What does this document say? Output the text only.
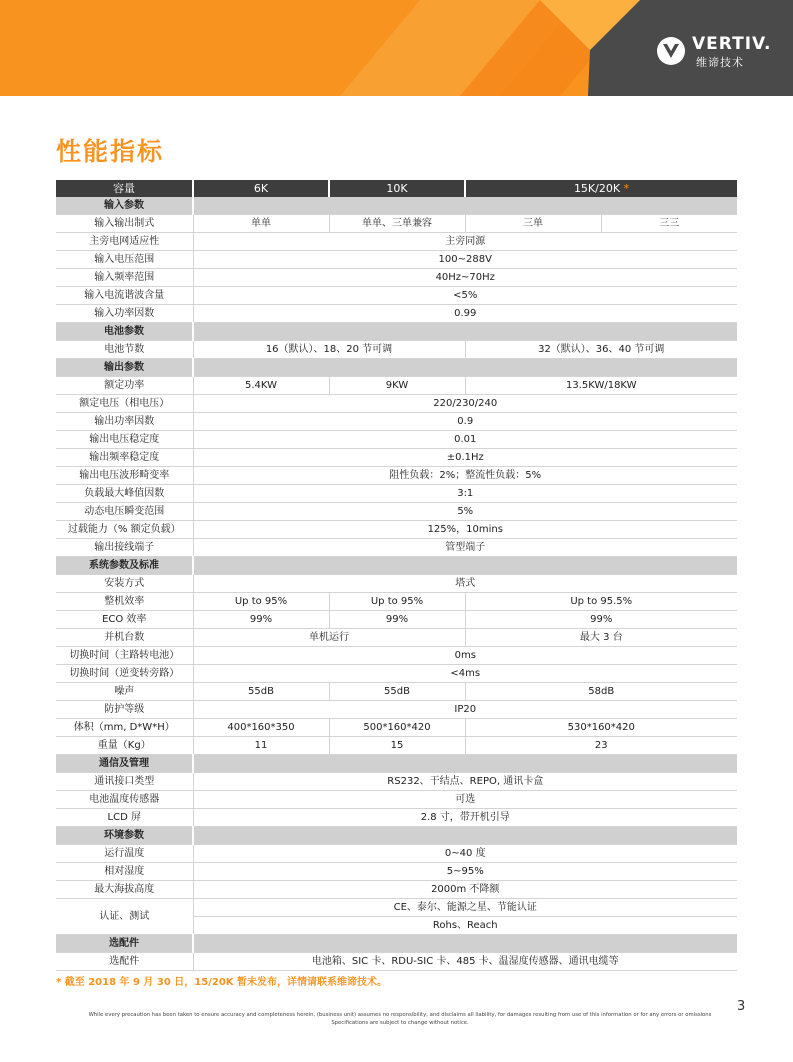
VERTIV.
维谛技术
性能指标
容量	6K	10K	15K/20K *	
输入参数				
输入输出制式	单单	单单、三单兼容	三单	三三
主旁电网适应性	主旁同源			
输入电压范围	100~288V			
输入频率范围	40Hz~70Hz			
输入电流谐波含量	<5%			
输入功率因数	0.99			
电池参数				
电池节数	16（默认）、18、20 节可调		32（默认）、36、40 节可调	
输出参数				
额定功率	5.4KW	9KW	13.5KW/18KW	
额定电压（相电压）	220/230/240			
输出功率因数	0.9			
输出电压稳定度	0.01			
输出频率稳定度	±0.1Hz			
输出电压波形畸变率	阻性负载：2%；整流性负载：5%			
负载最大峰值因数	3:1			
动态电压瞬变范围	5%			
过载能力（% 额定负载）	125%，10mins			
输出接线端子	管型端子			
系统参数及标准				
安装方式	塔式			
整机效率	Up to 95%	Up to 95%	Up to 95.5%	
ECO 效率	99%	99%	99%	
并机台数	单机运行		最大 3 台	
切换时间（主路转电池）	0ms			
切换时间（逆变转旁路）	<4ms			
噪声	55dB	55dB	58dB	
防护等级	IP20			
体积（mm, D*W*H）	400*160*350	500*160*420	530*160*420	
重量（Kg）	11	15	23	
通信及管理				
通讯接口类型	RS232、干结点、REPO, 通讯卡盒			
电池温度传感器	可选			
LCD 屏	2.8 寸，带开机引导			
环境参数				
运行温度	0~40 度			
相对湿度	5~95%			
最大海拔高度	2000m 不降额			
认证、测试	CE、泰尔、能源之星、节能认证			
	Rohs、Reach			
选配件				
选配件	电池箱、SIC 卡、RDU-SIC 卡、485 卡、温湿度传感器、通讯电缆等			
* 截至 2018 年 9 月 30 日，15/20K 暂未发布，详情请联系维谛技术。
3
While every precaution has been taken to ensure accuracy and completeness herein, (business unit) assumes no responsibility, and disclaims all liability, for damages resulting from use of this information or for any errors or omissions
Specifications are subject to change without notice.
